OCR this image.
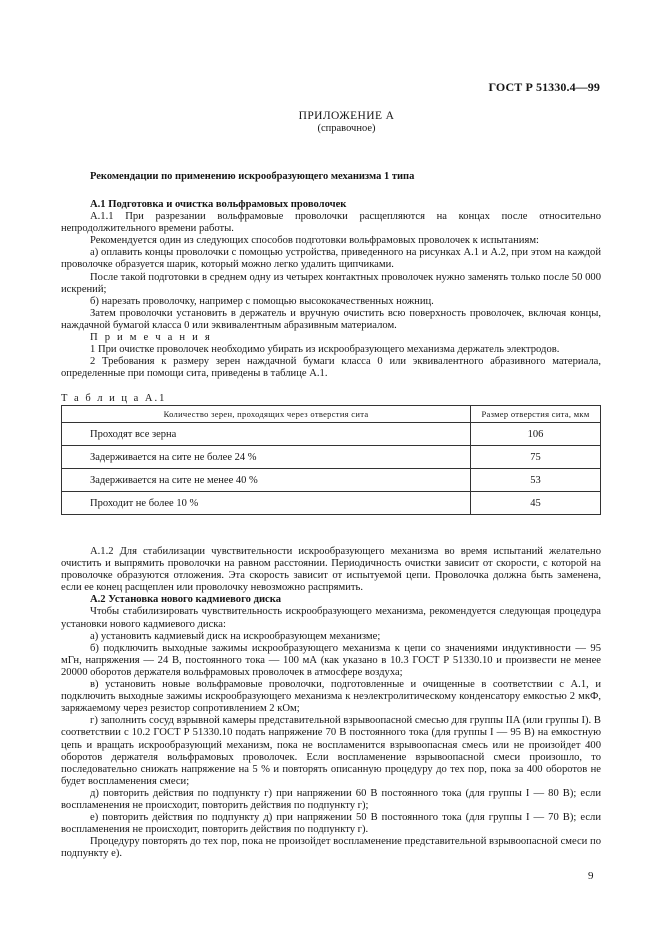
ГОСТ Р 51330.4—99
ПРИЛОЖЕНИЕ А
(справочное)
Рекомендации по применению искрообразующего механизма 1 типа

А.1 Подготовка и очистка вольфрамовых проволочек

А.1.1 При разрезании вольфрамовые проволочки расщепляются на концах после относительно непродолжительного времени работы.

Рекомендуется один из следующих способов подготовки вольфрамовых проволочек к испытаниям:

а) оплавить концы проволочки с помощью устройства, приведенного на рисунках А.1 и А.2, при этом на каждой проволочке образуется шарик, который можно легко удалить щипчиками.

После такой подготовки в среднем одну из четырех контактных проволочек нужно заменять только после 50 000 искрений;

б) нарезать проволочку, например с помощью высококачественных ножниц.

Затем проволочки установить в держатель и вручную очистить всю поверхность проволочек, включая концы, наждачной бумагой класса 0 или эквивалентным абразивным материалом.

П р и м е ч а н и я

1 При очистке проволочек необходимо убирать из искрообразующего механизма держатель электродов.

2 Требования к размеру зерен наждачной бумаги класса 0 или эквивалентного абразивного материала, определенные при помощи сита, приведены в таблице А.1.

Т а б л и ц а А.1
Количество зерен, проходящих через отверстия сита	Размер отверстия сита, мкм
Проходят все зерна	106
Задерживается на сите не более 24 %	75
Задерживается на сите не менее 40 %	53
Проходит не более 10 %	45

А.1.2 Для стабилизации чувствительности искрообразующего механизма во время испытаний желательно очистить и выпрямить проволочки на равном расстоянии. Периодичность очистки зависит от скорости, с которой на проволочке образуются отложения. Эта скорость зависит от испытуемой цепи. Проволочка должна быть заменена, если ее конец расщеплен или проволочку невозможно распрямить.

А.2 Установка нового кадмиевого диска

Чтобы стабилизировать чувствительность искрообразующего механизма, рекомендуется следующая процедура установки нового кадмиевого диска:

а) установить кадмиевый диск на искрообразующем механизме;

б) подключить выходные зажимы искрообразующего механизма к цепи со значениями индуктивности — 95 мГн, напряжения — 24 В, постоянного тока — 100 мА (как указано в 10.3 ГОСТ Р 51330.10 и произвести не менее 20000 оборотов держателя вольфрамовых проволочек в атмосфере воздуха;

в) установить новые вольфрамовые проволочки, подготовленные и очищенные в соответствии с А.1, и подключить выходные зажимы искрообразующего механизма к неэлектролитическому конденсатору емкостью 2 мкФ, заряжаемому через резистор сопротивлением 2 кОм;

г) заполнить сосуд взрывной камеры представительной взрывоопасной смесью для группы IIA (или группы I). В соответствии с 10.2 ГОСТ Р 51330.10 подать напряжение 70 В постоянного тока (для группы I — 95 В) на емкостную цепь и вращать искрообразующий механизм, пока не воспламенится взрывоопасная смесь или не произойдет 400 оборотов держателя вольфрамовых проволочек. Если воспламенение взрывоопасной смеси произошло, то последовательно снижать напряжение на 5 % и повторять описанную процедуру до тех пор, пока за 400 оборотов не будет воспламенения смеси;

д) повторить действия по подпункту г) при напряжении 60 В постоянного тока (для группы I — 80 В); если воспламенения не происходит, повторить действия по подпункту г);

е) повторить действия по подпункту д) при напряжении 50 В постоянного тока (для группы I — 70 В); если воспламенения не происходит, повторить действия по подпункту г).

Процедуру повторять до тех пор, пока не произойдет воспламенение представительной взрывоопасной смеси по подпункту е).

9
